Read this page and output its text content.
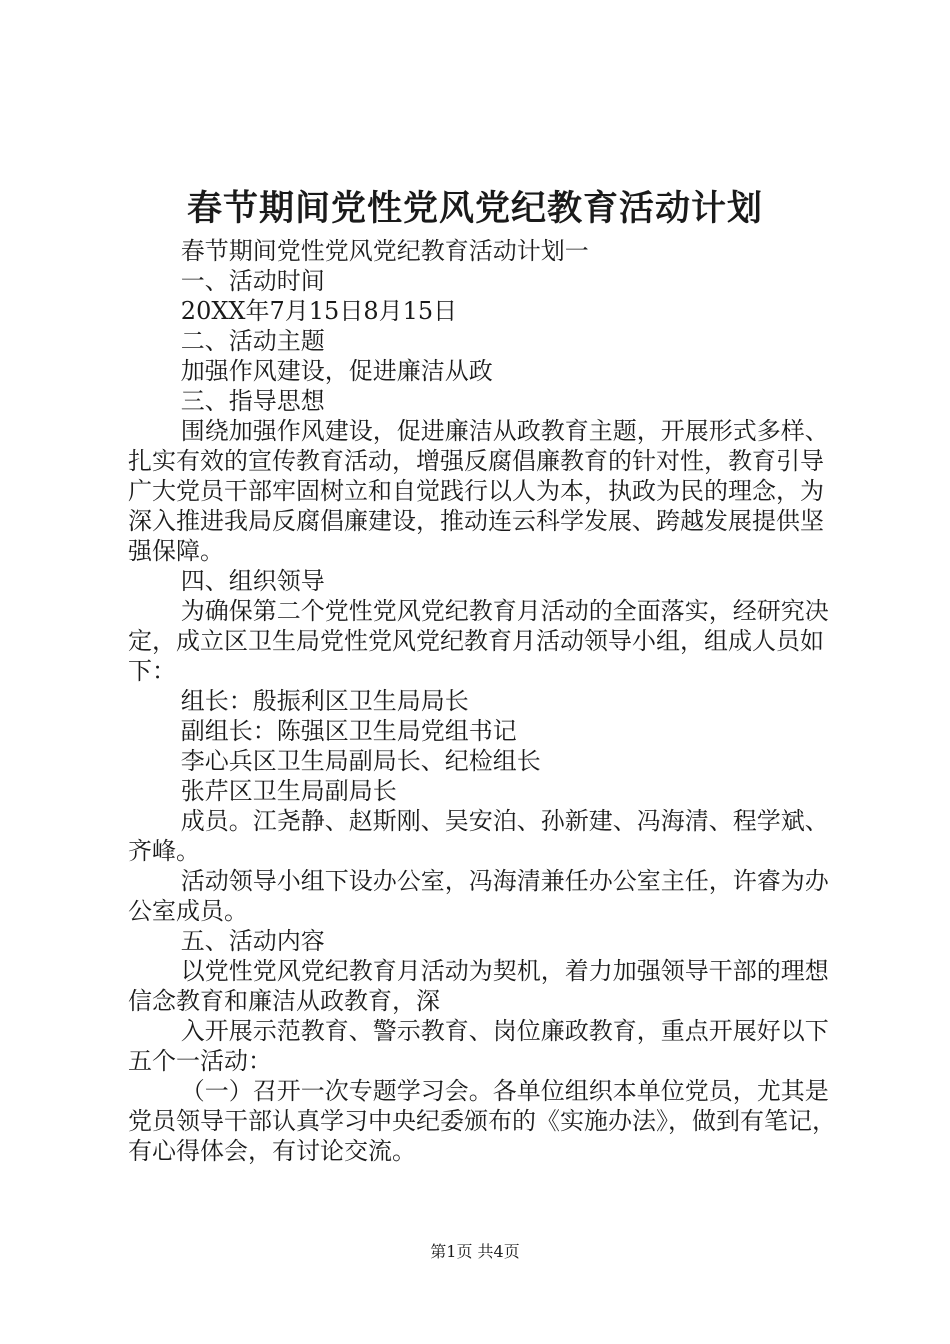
春节期间党性党风党纪教育活动计划

春节期间党性党风党纪教育活动计划一

一、活动时间

20XX年7月15日8月15日

二、活动主题

加强作风建设，促进廉洁从政

三、指导思想

围绕加强作风建设，促进廉洁从政教育主题，开展形式多样、扎实有效的宣传教育活动，增强反腐倡廉教育的针对性，教育引导广大党员干部牢固树立和自觉践行以人为本，执政为民的理念，为深入推进我局反腐倡廉建设，推动连云科学发展、跨越发展提供坚强保障。

四、组织领导

为确保第二个党性党风党纪教育月活动的全面落实，经研究决定，成立区卫生局党性党风党纪教育月活动领导小组，组成人员如下：

组长：殷振利区卫生局局长

副组长：陈强区卫生局党组书记

李心兵区卫生局副局长、纪检组长

张芹区卫生局副局长

成员。江尧静、赵斯刚、吴安泊、孙新建、冯海清、程学斌、齐峰。

活动领导小组下设办公室，冯海清兼任办公室主任，许睿为办公室成员。

五、活动内容

以党性党风党纪教育月活动为契机，着力加强领导干部的理想信念教育和廉洁从政教育，深

入开展示范教育、警示教育、岗位廉政教育，重点开展好以下五个一活动：

（一）召开一次专题学习会。各单位组织本单位党员，尤其是党员领导干部认真学习中央纪委颁布的《实施办法》，做到有笔记，有心得体会，有讨论交流。

第1页 共4页
